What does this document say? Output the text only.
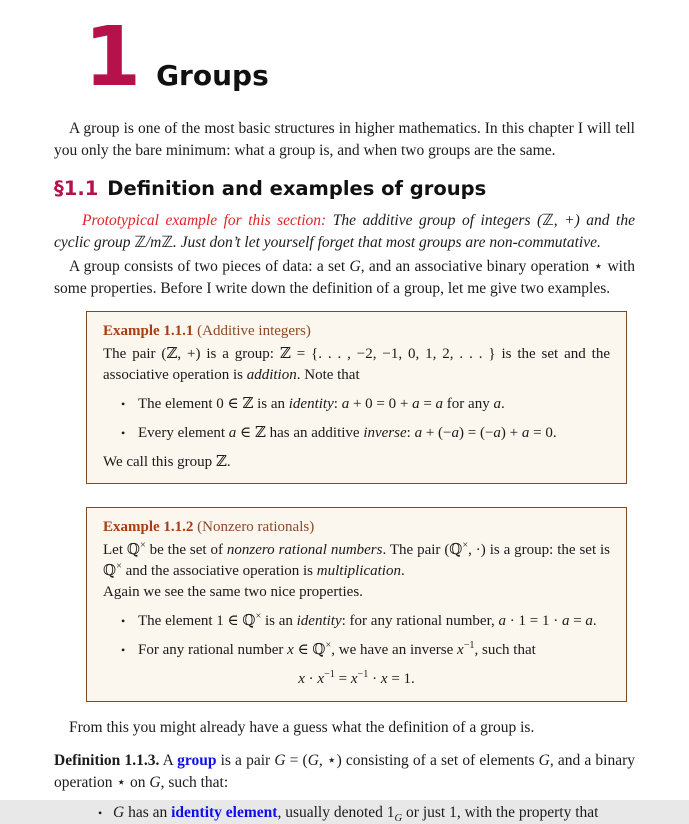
1 Groups

A group is one of the most basic structures in higher mathematics. In this chapter I will tell you only the bare minimum: what a group is, and when two groups are the same.

§1.1 Definition and examples of groups

Prototypical example for this section: The additive group of integers (ℤ, +) and the cyclic group ℤ/mℤ. Just don’t let yourself forget that most groups are non-commutative.

A group consists of two pieces of data: a set G, and an associative binary operation ⋆ with some properties. Before I write down the definition of a group, let me give two examples.

Example 1.1.1 (Additive integers)

The pair (ℤ, +) is a group: ℤ = {. . . , −2, −1, 0, 1, 2, . . . } is the set and the associative operation is addition. Note that

• The element 0 ∈ ℤ is an identity: a + 0 = 0 + a = a for any a.
• Every element a ∈ ℤ has an additive inverse: a + (−a) = (−a) + a = 0.

We call this group ℤ.

Example 1.1.2 (Nonzero rationals)

Let ℚ× be the set of nonzero rational numbers. The pair (ℚ×, ·) is a group: the set is ℚ× and the associative operation is multiplication.

Again we see the same two nice properties.

• The element 1 ∈ ℚ× is an identity: for any rational number, a · 1 = 1 · a = a.
• For any rational number x ∈ ℚ×, we have an inverse $x^{-1}$, such that

$x \cdot x^{-1} = x^{-1} \cdot x = 1$.

From this you might already have a guess what the definition of a group is.

Definition 1.1.3. A group is a pair G = (G, ⋆) consisting of a set of elements G, and a binary operation ⋆ on G, such that:

• G has an identity element, usually denoted $1_G$ or just 1, with the property that
